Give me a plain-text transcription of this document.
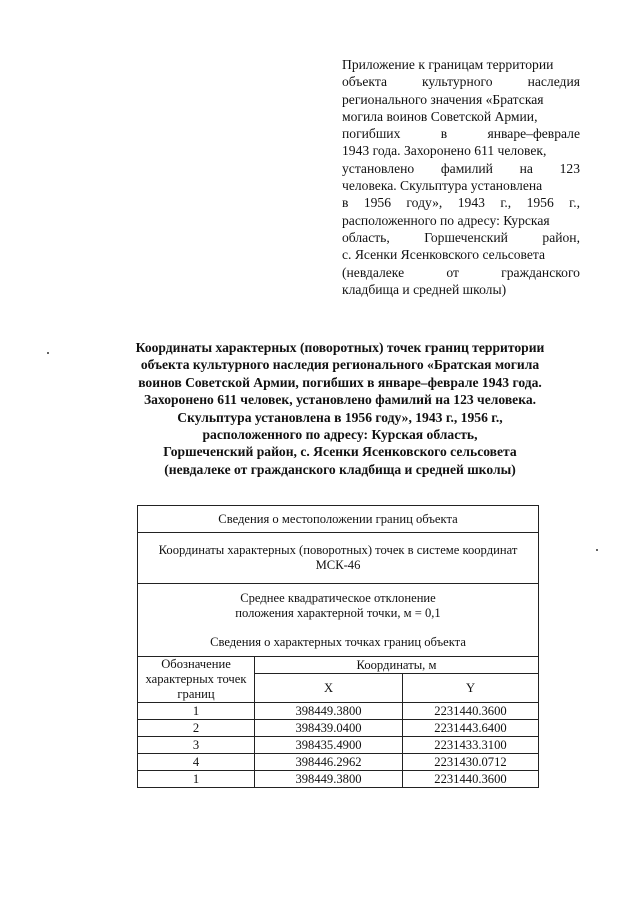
Приложение к границам территории
объекта	культурного	наследия
регионального значения «Братская
могила воинов Советской Армии,
погибших	в	январе–феврале
1943 года. Захоронено 611 человек,
установлено фамилий на 123
человека. Скульптура установлена
в 1956 году», 1943 г., 1956 г.,
расположенного по адресу: Курская
область,	Горшеченский	район,
с. Ясенки Ясенковского сельсовета
(невдалеке	от	гражданского
кладбища и средней школы)
Координаты характерных (поворотных) точек границ территории
объекта культурного наследия регионального «Братская могила
воинов Советской Армии, погибших в январе–феврале 1943 года.
Захоронено 611 человек, установлено фамилий на 123 человека.
Скульптура установлена в 1956 году», 1943 г., 1956 г.,
расположенного по адресу: Курская область,
Горшеченский район, с. Ясенки Ясенковского сельсовета
(невдалеке от гражданского кладбища и средней школы)
Сведения о местоположении границ объекта		
Координаты характерных (поворотных) точек в системе координат
МСК-46		
Среднее квадратическое отклонение
положения характерной точки, м = 0,1
Сведения о характерных точках границ объекта		
Обозначение характерных точек границ	Координаты, м	
	X	Y
1	398449.3800	2231440.3600
2	398439.0400	2231443.6400
3	398435.4900	2231433.3100
4	398446.2962	2231430.0712
1	398449.3800	2231440.3600
